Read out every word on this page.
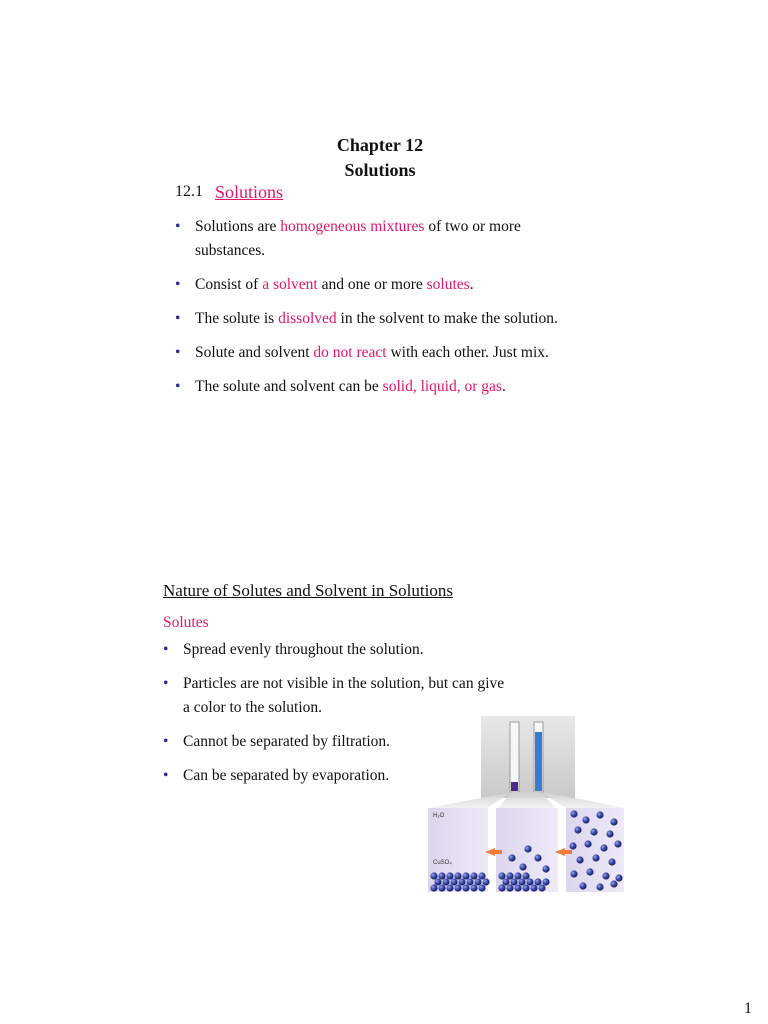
Chapter 12
Solutions
12.1 Solutions
• Solutions are homogeneous mixtures of two or more
substances.
• Consist of a solvent and one or more solutes.
• The solute is dissolved in the solvent to make the solution.
• Solute and solvent do not react with each other. Just mix.
• The solute and solvent can be solid, liquid, or gas.
Nature of Solutes and Solvent in Solutions
Solutes
• Spread evenly throughout the solution.
• Particles are not visible in the solution, but can give
a color to the solution.
• Cannot be separated by filtration.
• Can be separated by evaporation.
H₂O
CuSO₄
1
